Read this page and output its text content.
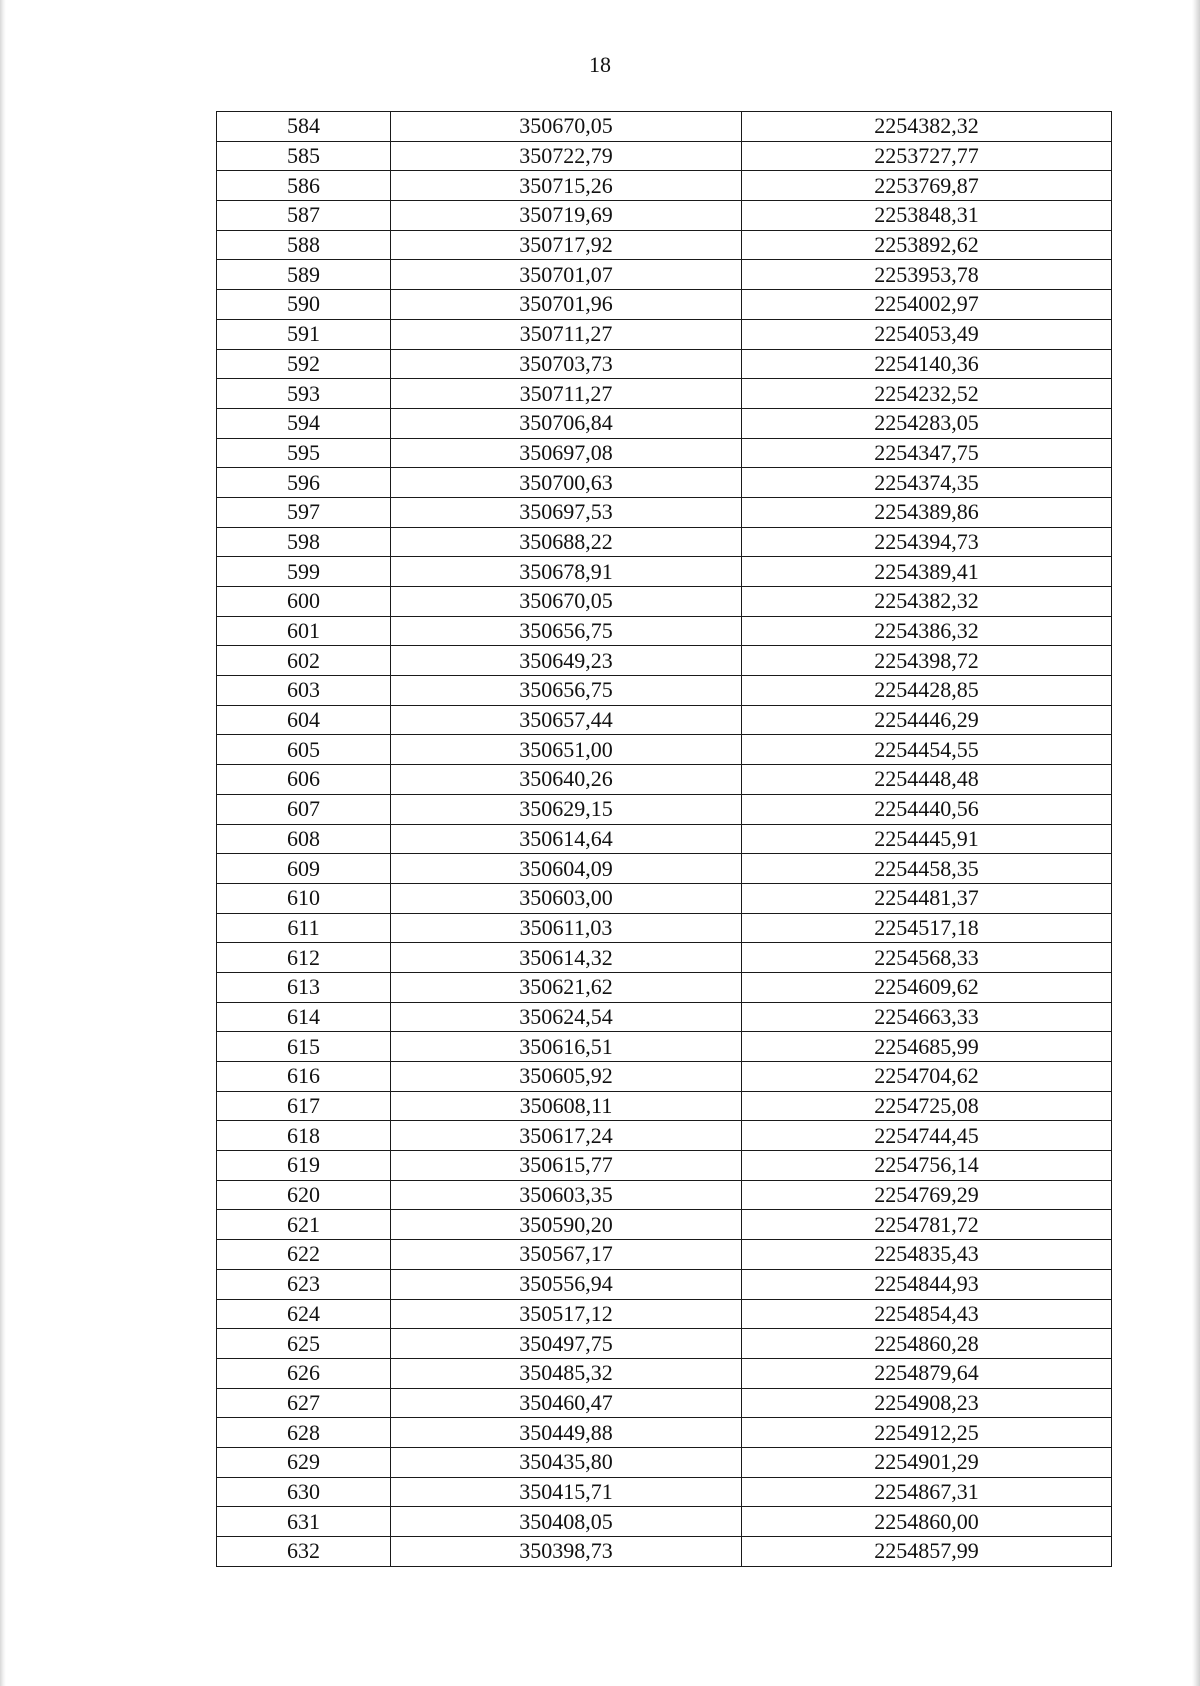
18
584	350670,05	2254382,32
585	350722,79	2253727,77
586	350715,26	2253769,87
587	350719,69	2253848,31
588	350717,92	2253892,62
589	350701,07	2253953,78
590	350701,96	2254002,97
591	350711,27	2254053,49
592	350703,73	2254140,36
593	350711,27	2254232,52
594	350706,84	2254283,05
595	350697,08	2254347,75
596	350700,63	2254374,35
597	350697,53	2254389,86
598	350688,22	2254394,73
599	350678,91	2254389,41
600	350670,05	2254382,32
601	350656,75	2254386,32
602	350649,23	2254398,72
603	350656,75	2254428,85
604	350657,44	2254446,29
605	350651,00	2254454,55
606	350640,26	2254448,48
607	350629,15	2254440,56
608	350614,64	2254445,91
609	350604,09	2254458,35
610	350603,00	2254481,37
611	350611,03	2254517,18
612	350614,32	2254568,33
613	350621,62	2254609,62
614	350624,54	2254663,33
615	350616,51	2254685,99
616	350605,92	2254704,62
617	350608,11	2254725,08
618	350617,24	2254744,45
619	350615,77	2254756,14
620	350603,35	2254769,29
621	350590,20	2254781,72
622	350567,17	2254835,43
623	350556,94	2254844,93
624	350517,12	2254854,43
625	350497,75	2254860,28
626	350485,32	2254879,64
627	350460,47	2254908,23
628	350449,88	2254912,25
629	350435,80	2254901,29
630	350415,71	2254867,31
631	350408,05	2254860,00
632	350398,73	2254857,99
